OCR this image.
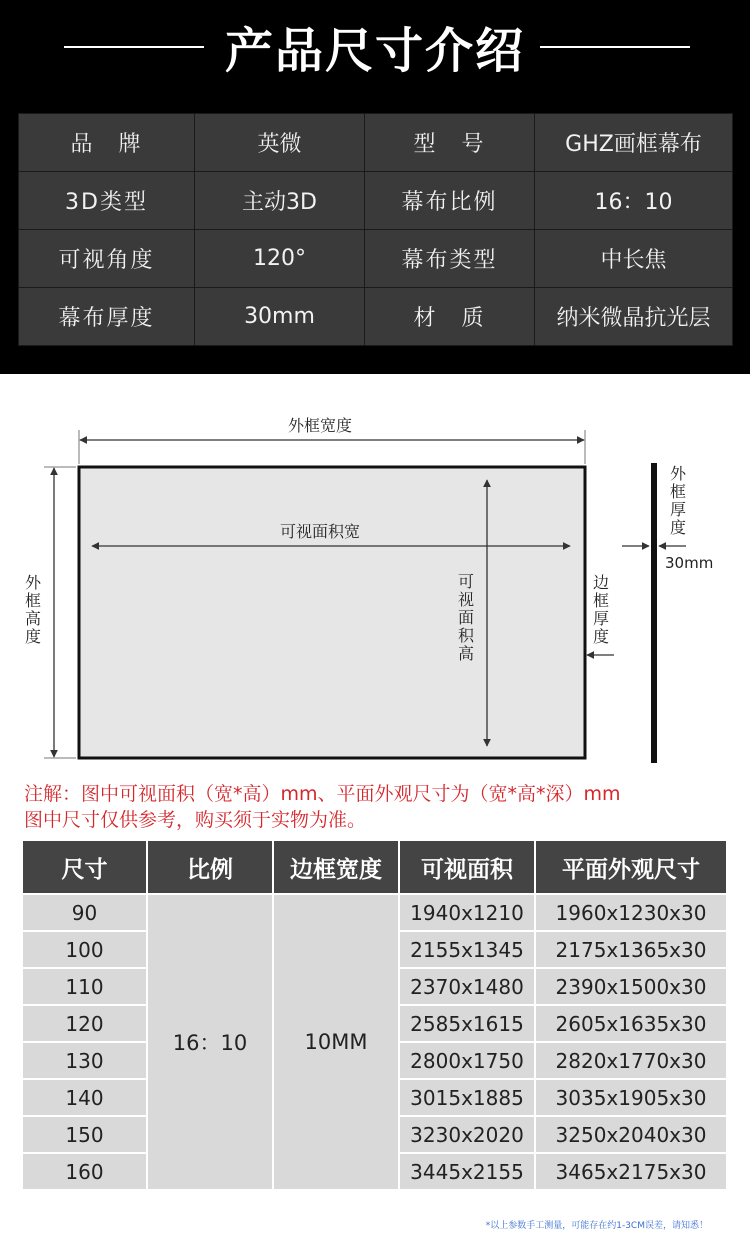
产品尺寸介绍
品　牌	英微	型　号	GHZ画框幕布
3D类型	主动3D	幕布比例	16：10
可视角度	120°	幕布类型	中长焦
幕布厚度	30mm	材　质	纳米微晶抗光层
外框宽度
外
框
高
度
可视面积宽
可
视
面
积
高
边
框
厚
度
外
框
厚
度
30mm
注解：图中可视面积（宽*高）mm、平面外观尺寸为（宽*高*深）mm
图中尺寸仅供参考，购买须于实物为准。
尺寸	比例	边框宽度	可视面积	平面外观尺寸
90	16：10	10MM	1940x1210	1960x1230x30
100			2155x1345	2175x1365x30
110			2370x1480	2390x1500x30
120			2585x1615	2605x1635x30
130			2800x1750	2820x1770x30
140			3015x1885	3035x1905x30
150			3230x2020	3250x2040x30
160			3445x2155	3465x2175x30
*以上参数手工测量，可能存在约1-3CM误差，请知悉！
